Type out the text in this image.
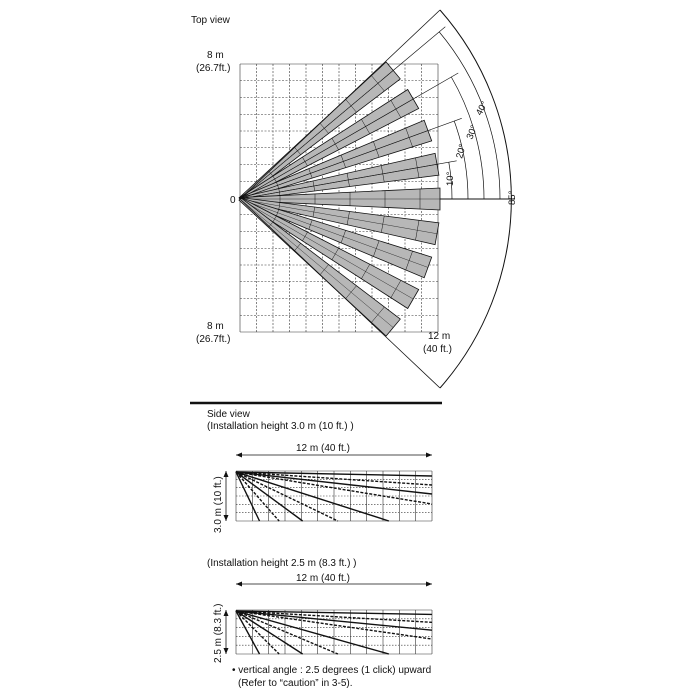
Top view
8 m
(26.7ft.)
0
8 m
(26.7ft.)	12 m
(40 ft.)
10°
20°
30°
40°
85°
Side view
(Installation height 3.0 m (10 ft.) )
12 m (40 ft.)
3.0 m (10 ft.)
(Installation height 2.5 m (8.3 ft.) )
12 m (40 ft.)
2.5 m (8.3 ft.)
• vertical angle : 2.5 degrees (1 click) upward
(Refer to “caution” in 3-5).
